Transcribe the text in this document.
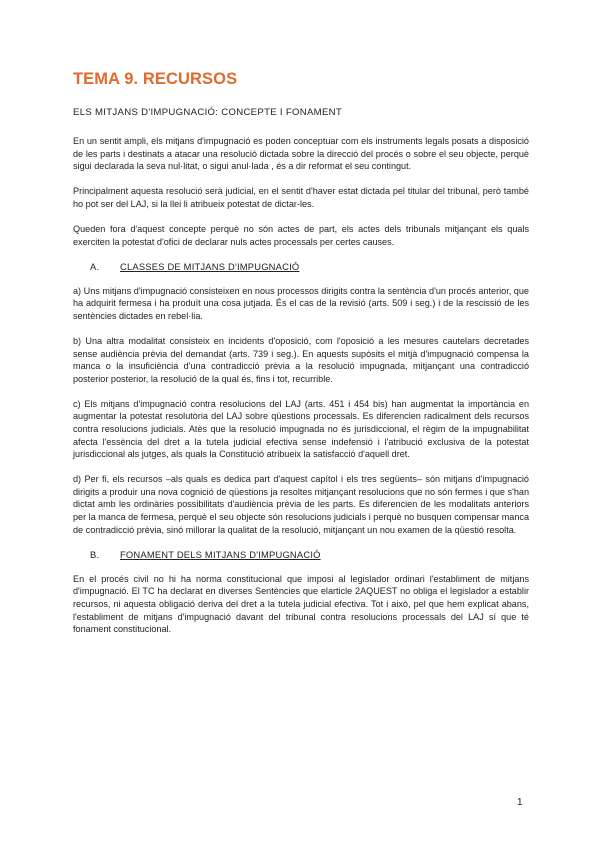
TEMA 9. RECURSOS
ELS MITJANS D'IMPUGNACIÓ: CONCEPTE I FONAMENT

En un sentit ampli, els mitjans d'impugnació es poden conceptuar com els instruments legals posats a disposició de les parts i destinats a atacar una resolució dictada sobre la direcció del procés o sobre el seu objecte, perquè sigui declarada la seva nul·litat, o sigui anul·lada , és a dir reformat el seu contingut.

Principalment aquesta resolució serà judicial, en el sentit d'haver estat dictada pel titular del tribunal, però també ho pot ser del LAJ, si la llei li atribueix potestat de dictar-les.

Queden fora d'aquest concepte perquè no són actes de part, els actes dels tribunals mitjançant els quals exerciten la potestat d'ofici de declarar nuls actes processals per certes causes.

A.	CLASSES DE MITJANS D'IMPUGNACIÓ

a) Uns mitjans d'impugnació consisteixen en nous processos dirigits contra la sentència d'un procés anterior, que ha adquirit fermesa i ha produït una cosa jutjada. És el cas de la revisió (arts. 509 i seg.) i de la rescissió de les sentències dictades en rebel·lia.

b) Una altra modalitat consisteix en incidents d'oposició, com l'oposició a les mesures cautelars decretades sense audiència prèvia del demandat (arts. 739 i seg.). En aquests supòsits el mitjà d'impugnació compensa la manca o la insuficiència d'una contradicció prèvia a la resolució impugnada, mitjançant una contradicció posterior posterior, la resolució de la qual és, fins i tot, recurrible.

c) Els mitjans d'impugnació contra resolucions del LAJ (arts. 451 i 454 bis) han augmentat la importància en augmentar la potestat resolutòria del LAJ sobre qüestions processals. Es diferencien radicalment dels recursos contra resolucions judicials. Atès que la resolució impugnada no és jurisdiccional, el règim de la impugnabilitat afecta l'essència del dret a la tutela judicial efectiva sense indefensió i l'atribució exclusiva de la potestat jurisdiccional als jutges, als quals la Constitució atribueix la satisfacció d'aquell dret.

d) Per fi, els recursos –als quals es dedica part d'aquest capítol i els tres següents– són mitjans d'impugnació dirigits a produir una nova cognició de qüestions ja resoltes mitjançant resolucions que no són fermes i que s'han dictat amb les ordinàries possibilitats d'audiència prèvia de les parts. Es diferencien de les modalitats anteriors per la manca de fermesa, perquè el seu objecte són resolucions judicials i perquè no busquen compensar manca de contradicció prèvia, sinó millorar la qualitat de la resolució, mitjançant un nou examen de la qüestió resolta.

B.	FONAMENT DELS MITJANS D'IMPUGNACIÓ

En el procés civil no hi ha norma constitucional que imposi al legislador ordinari l'establiment de mitjans d'impugnació. El TC ha declarat en diverses Sentències que elarticle 2AQUEST no obliga el legislador a establir recursos, ni aquesta obligació deriva del dret a la tutela judicial efectiva. Tot i això, pel que hem explicat abans, l'establiment de mitjans d'impugnació davant del tribunal contra resolucions processals del LAJ sí que té fonament constitucional.

1
